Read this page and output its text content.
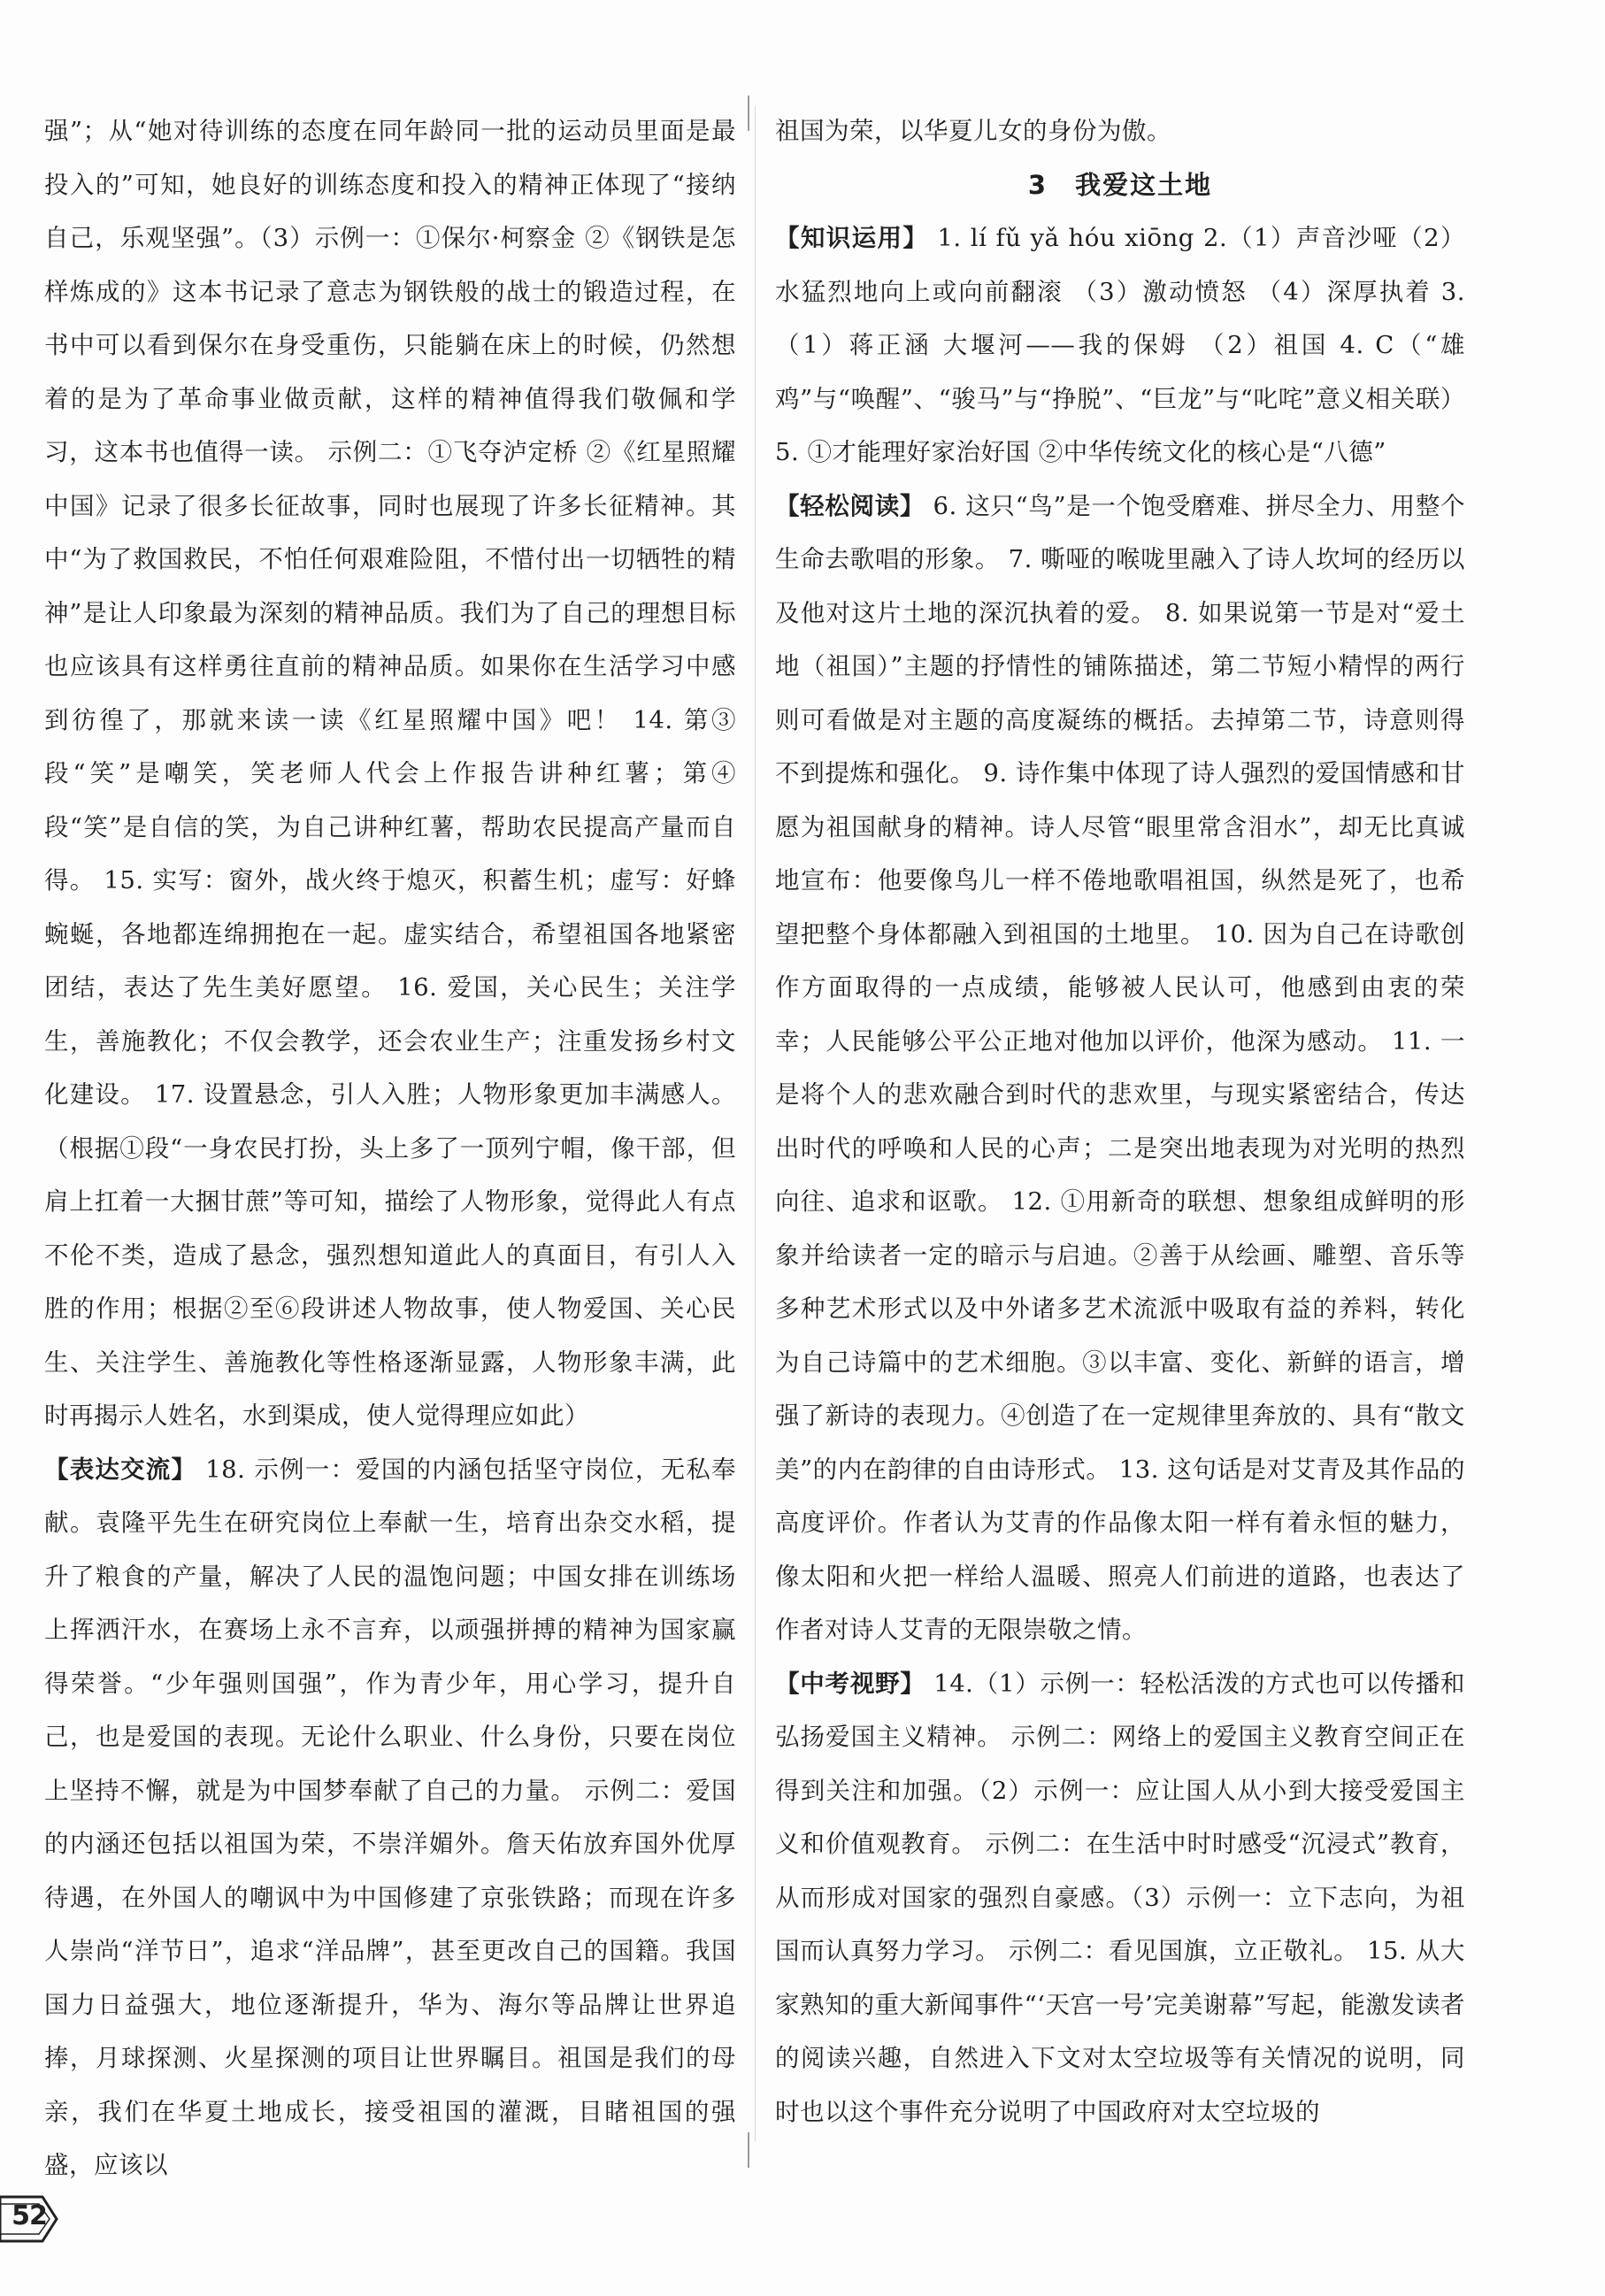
强”；从“她对待训练的态度在同年龄同一批的运动员里面是最投入的”可知，她良好的训练态度和投入的精神正体现了“接纳自己，乐观坚强”。（3）示例一：①保尔·柯察金 ②《钢铁是怎样炼成的》这本书记录了意志为钢铁般的战士的锻造过程，在书中可以看到保尔在身受重伤，只能躺在床上的时候，仍然想着的是为了革命事业做贡献，这样的精神值得我们敬佩和学习，这本书也值得一读。 示例二：①飞夺泸定桥 ②《红星照耀中国》记录了很多长征故事，同时也展现了许多长征精神。其中“为了救国救民，不怕任何艰难险阻，不惜付出一切牺牲的精神”是让人印象最为深刻的精神品质。我们为了自己的理想目标也应该具有这样勇往直前的精神品质。如果你在生活学习中感到彷徨了，那就来读一读《红星照耀中国》吧！ 14. 第③段“笑”是嘲笑，笑老师人代会上作报告讲种红薯；第④段“笑”是自信的笑，为自己讲种红薯，帮助农民提高产量而自得。 15. 实写：窗外，战火终于熄灭，积蓄生机；虚写：好蜂蜿蜒，各地都连绵拥抱在一起。虚实结合，希望祖国各地紧密团结，表达了先生美好愿望。 16. 爱国，关心民生；关注学生，善施教化；不仅会教学，还会农业生产；注重发扬乡村文化建设。 17. 设置悬念，引人入胜；人物形象更加丰满感人。（根据①段“一身农民打扮，头上多了一顶列宁帽，像干部，但肩上扛着一大捆甘蔗”等可知，描绘了人物形象，觉得此人有点不伦不类，造成了悬念，强烈想知道此人的真面目，有引人入胜的作用；根据②至⑥段讲述人物故事，使人物爱国、关心民生、关注学生、善施教化等性格逐渐显露，人物形象丰满，此时再揭示人姓名，水到渠成，使人觉得理应如此）

【表达交流】 18. 示例一：爱国的内涵包括坚守岗位，无私奉献。袁隆平先生在研究岗位上奉献一生，培育出杂交水稻，提升了粮食的产量，解决了人民的温饱问题；中国女排在训练场上挥洒汗水，在赛场上永不言弃，以顽强拼搏的精神为国家赢得荣誉。“少年强则国强”，作为青少年，用心学习，提升自己，也是爱国的表现。无论什么职业、什么身份，只要在岗位上坚持不懈，就是为中国梦奉献了自己的力量。 示例二：爱国的内涵还包括以祖国为荣，不崇洋媚外。詹天佑放弃国外优厚待遇，在外国人的嘲讽中为中国修建了京张铁路；而现在许多人崇尚“洋节日”，追求“洋品牌”，甚至更改自己的国籍。我国国力日益强大，地位逐渐提升，华为、海尔等品牌让世界追捧，月球探测、火星探测的项目让世界瞩目。祖国是我们的母亲，我们在华夏土地成长，接受祖国的灌溉，目睹祖国的强盛，应该以

祖国为荣，以华夏儿女的身份为傲。

3　我爱这土地

【知识运用】 1. lí fǔ yǎ hóu xiōng 2.（1）声音沙哑（2）水猛烈地向上或向前翻滚 （3）激动愤怒 （4）深厚执着 3.（1）蒋正涵 大堰河——我的保姆 （2）祖国 4. C（“雄鸡”与“唤醒”、“骏马”与“挣脱”、“巨龙”与“叱咤”意义相关联） 5. ①才能理好家治好国 ②中华传统文化的核心是“八德”

【轻松阅读】 6. 这只“鸟”是一个饱受磨难、拼尽全力、用整个生命去歌唱的形象。 7. 嘶哑的喉咙里融入了诗人坎坷的经历以及他对这片土地的深沉执着的爱。 8. 如果说第一节是对“爱土地（祖国）”主题的抒情性的铺陈描述，第二节短小精悍的两行则可看做是对主题的高度凝练的概括。去掉第二节，诗意则得不到提炼和强化。 9. 诗作集中体现了诗人强烈的爱国情感和甘愿为祖国献身的精神。诗人尽管“眼里常含泪水”，却无比真诚地宣布：他要像鸟儿一样不倦地歌唱祖国，纵然是死了，也希望把整个身体都融入到祖国的土地里。 10. 因为自己在诗歌创作方面取得的一点成绩，能够被人民认可，他感到由衷的荣幸；人民能够公平公正地对他加以评价，他深为感动。 11. 一是将个人的悲欢融合到时代的悲欢里，与现实紧密结合，传达出时代的呼唤和人民的心声；二是突出地表现为对光明的热烈向往、追求和讴歌。 12. ①用新奇的联想、想象组成鲜明的形象并给读者一定的暗示与启迪。②善于从绘画、雕塑、音乐等多种艺术形式以及中外诸多艺术流派中吸取有益的养料，转化为自己诗篇中的艺术细胞。③以丰富、变化、新鲜的语言，增强了新诗的表现力。④创造了在一定规律里奔放的、具有“散文美”的内在韵律的自由诗形式。 13. 这句话是对艾青及其作品的高度评价。作者认为艾青的作品像太阳一样有着永恒的魅力，像太阳和火把一样给人温暖、照亮人们前进的道路，也表达了作者对诗人艾青的无限崇敬之情。

【中考视野】 14.（1）示例一：轻松活泼的方式也可以传播和弘扬爱国主义精神。 示例二：网络上的爱国主义教育空间正在得到关注和加强。（2）示例一：应让国人从小到大接受爱国主义和价值观教育。 示例二：在生活中时时感受“沉浸式”教育，从而形成对国家的强烈自豪感。（3）示例一：立下志向，为祖国而认真努力学习。 示例二：看见国旗，立正敬礼。 15. 从大家熟知的重大新闻事件“‘天宫一号’完美谢幕”写起，能激发读者的阅读兴趣，自然进入下文对太空垃圾等有关情况的说明，同时也以这个事件充分说明了中国政府对太空垃圾的

52
